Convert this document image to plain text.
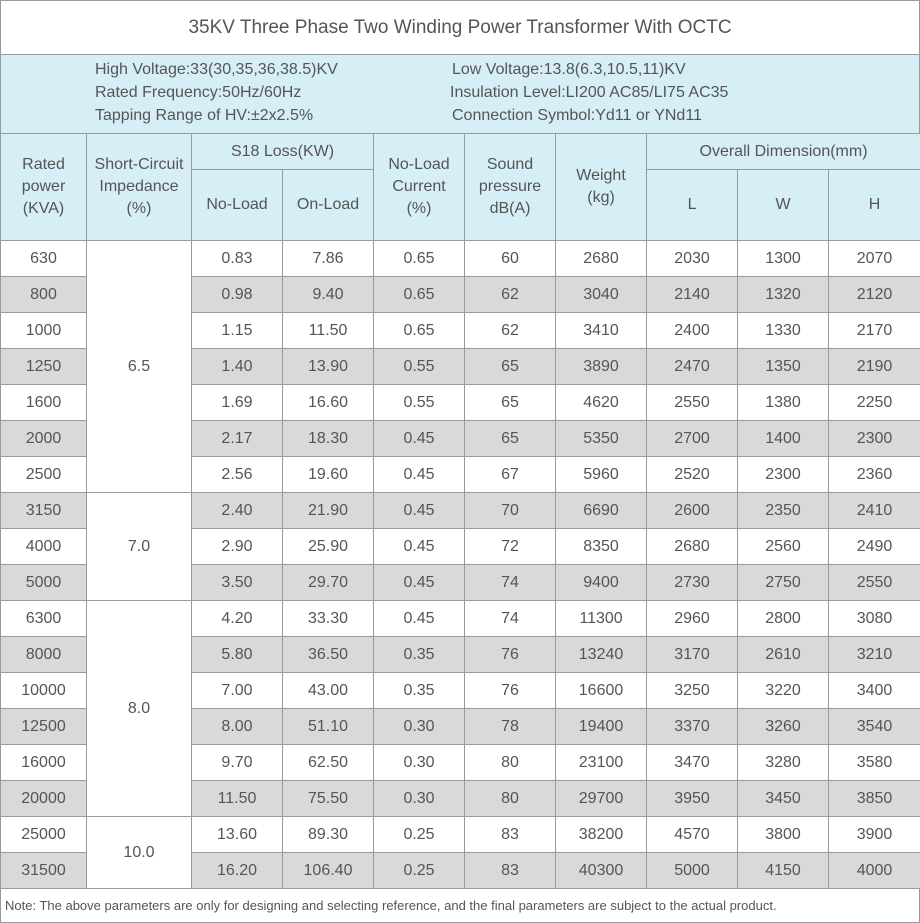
35KV Three Phase Two Winding Power Transformer With OCTC
High Voltage:33(30,35,36,38.5)KV	Low Voltage:13.8(6.3,10.5,11)KV
Rated Frequency:50Hz/60Hz	Insulation Level:LI200 AC85/LI75 AC35
Tapping Range of HV:±2x2.5%	Connection Symbol:Yd11 or YNd11
Rated power (KVA)	Short-Circuit Impedance (%)	S18 Loss(KW)		No-Load Current (%)	Sound pressure dB(A)	Weight (kg)	Overall Dimension(mm)		
		No-Load	On-Load				L	W	H
630	6.5	0.83	7.86	0.65	60	2680	2030	1300	2070
800		0.98	9.40	0.65	62	3040	2140	1320	2120
1000		1.15	11.50	0.65	62	3410	2400	1330	2170
1250		1.40	13.90	0.55	65	3890	2470	1350	2190
1600		1.69	16.60	0.55	65	4620	2550	1380	2250
2000		2.17	18.30	0.45	65	5350	2700	1400	2300
2500		2.56	19.60	0.45	67	5960	2520	2300	2360
3150	7.0	2.40	21.90	0.45	70	6690	2600	2350	2410
4000		2.90	25.90	0.45	72	8350	2680	2560	2490
5000		3.50	29.70	0.45	74	9400	2730	2750	2550
6300	8.0	4.20	33.30	0.45	74	11300	2960	2800	3080
8000		5.80	36.50	0.35	76	13240	3170	2610	3210
10000		7.00	43.00	0.35	76	16600	3250	3220	3400
12500		8.00	51.10	0.30	78	19400	3370	3260	3540
16000		9.70	62.50	0.30	80	23100	3470	3280	3580
20000		11.50	75.50	0.30	80	29700	3950	3450	3850
25000	10.0	13.60	89.30	0.25	83	38200	4570	3800	3900
31500		16.20	106.40	0.25	83	40300	5000	4150	4000
Note: The above parameters are only for designing and selecting reference, and the final parameters are subject to the actual product.
